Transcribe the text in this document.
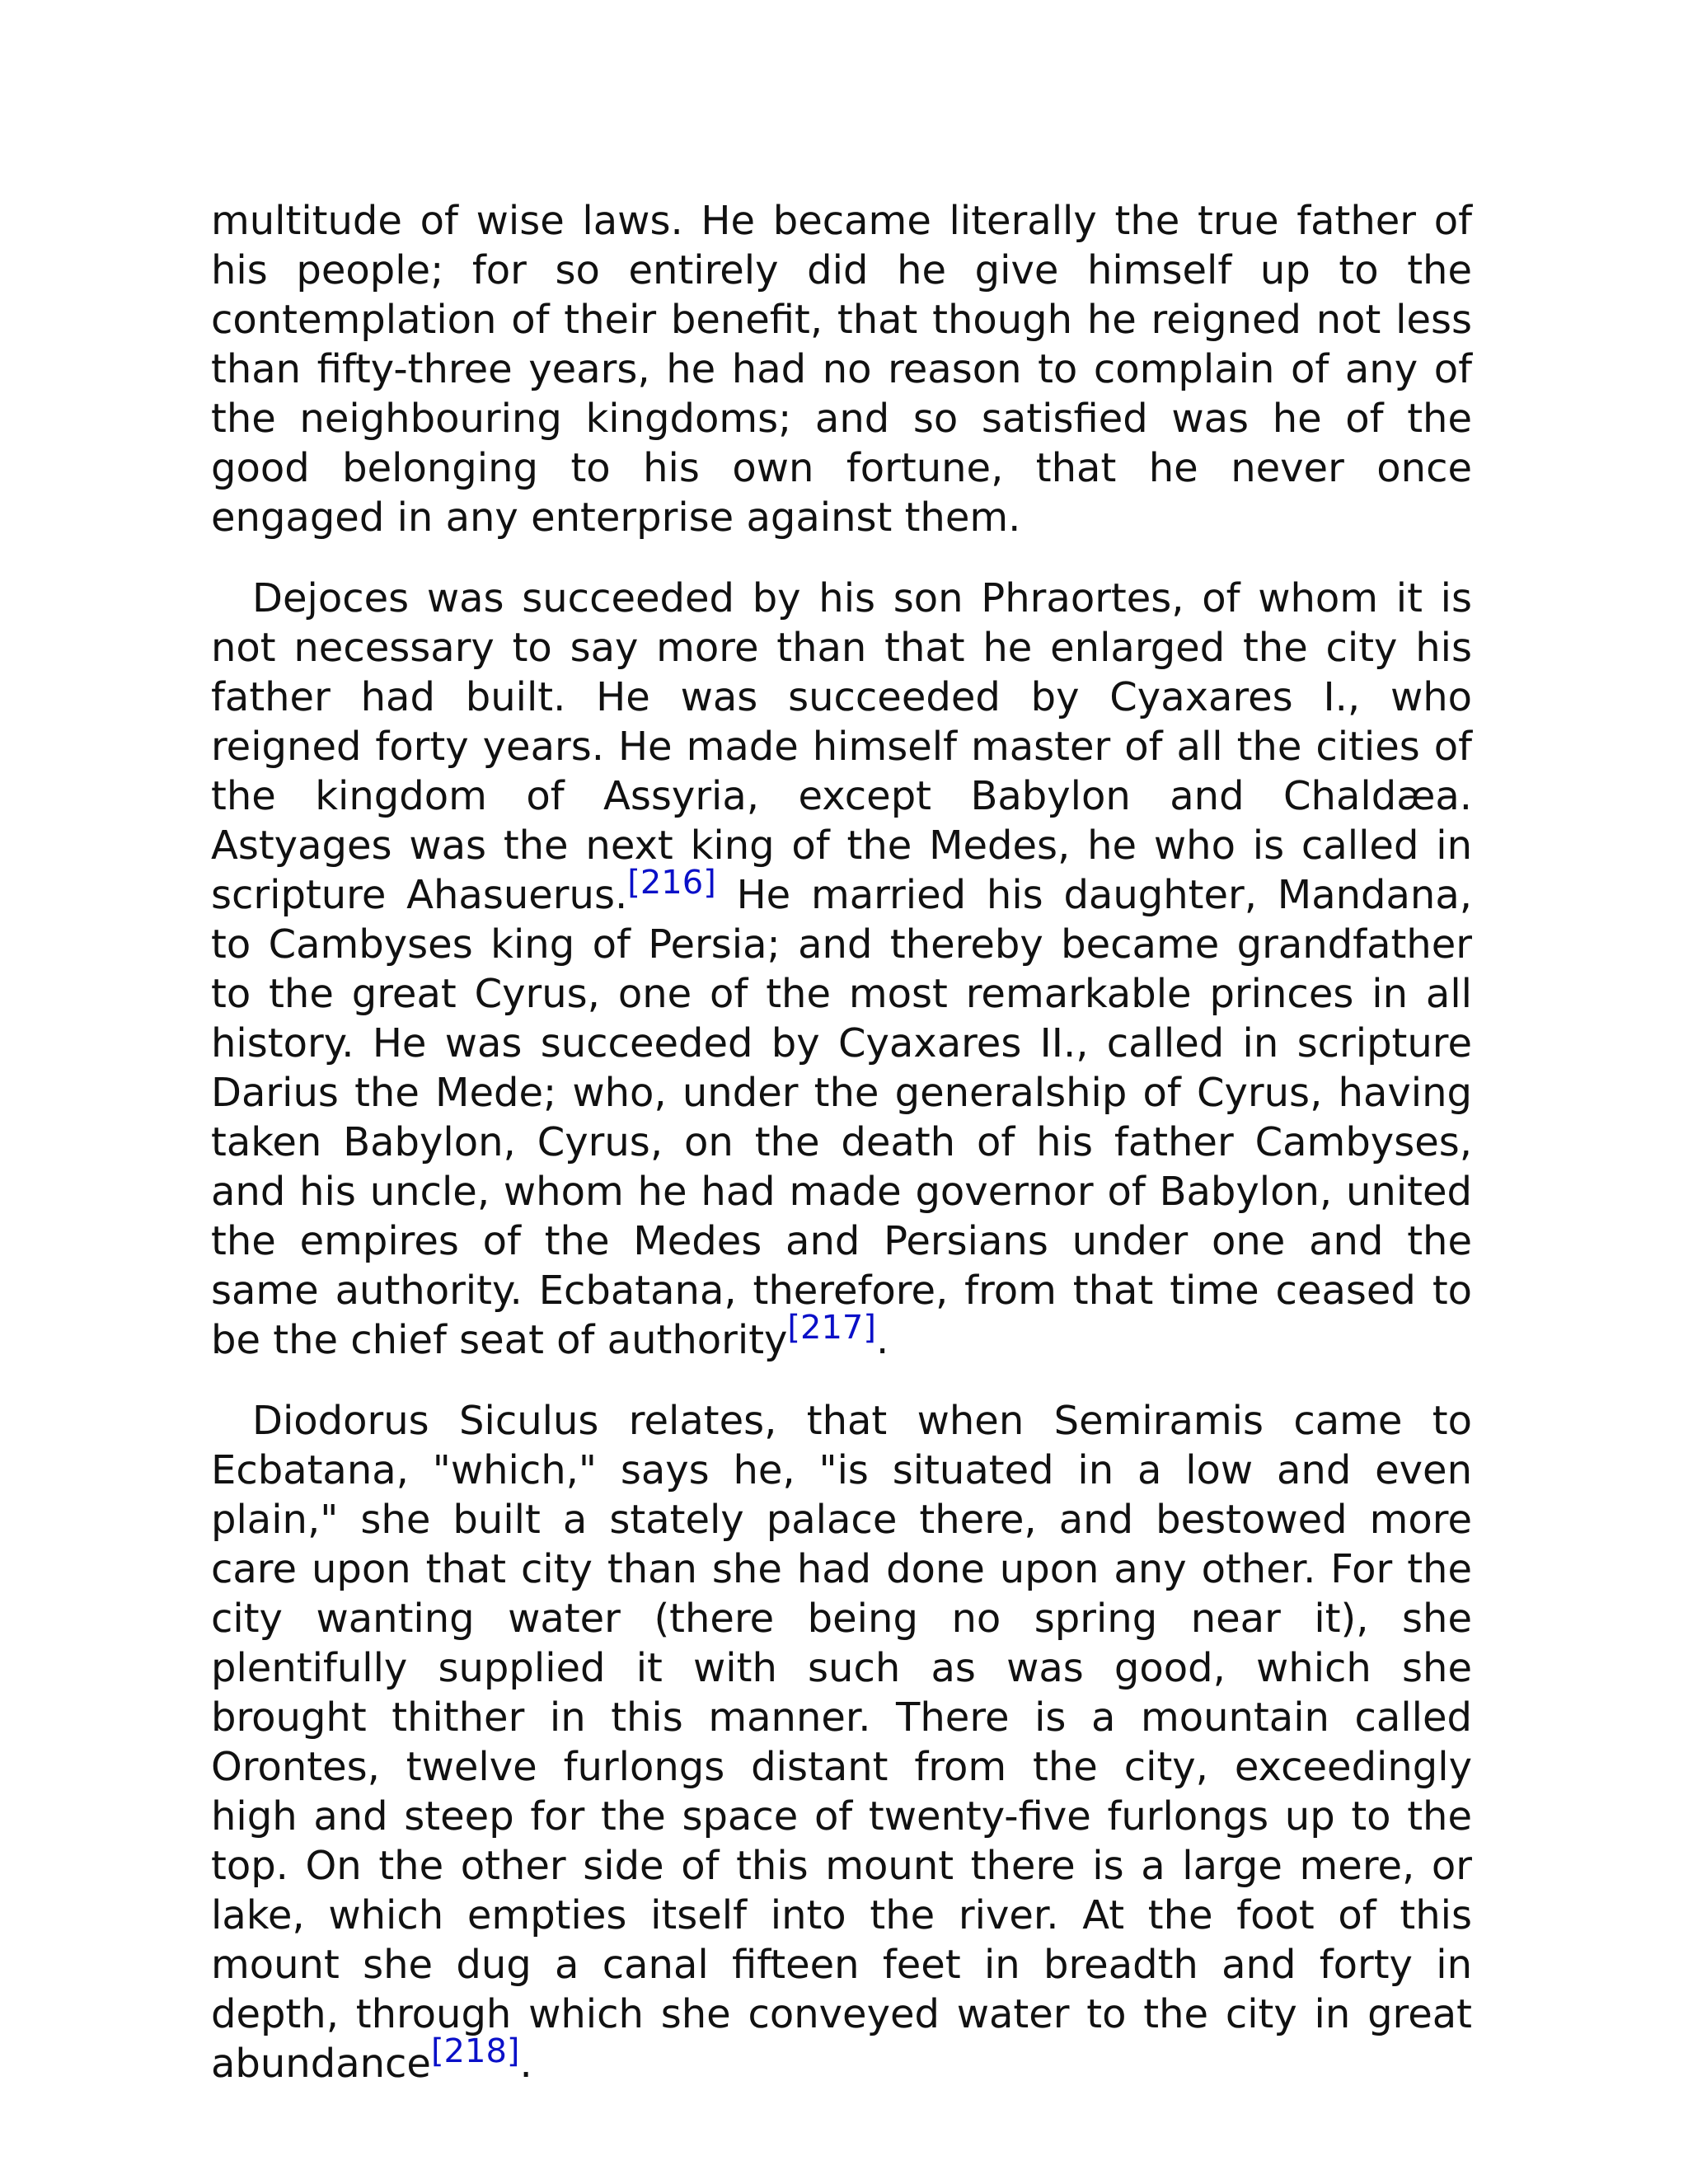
multitude of wise laws. He became literally the true father of his people; for so entirely did he give himself up to the contemplation of their benefit, that though he reigned not less than fifty-three years, he had no reason to complain of any of the neighbouring kingdoms; and so satisfied was he of the good belonging to his own fortune, that he never once engaged in any enterprise against them.

Dejoces was succeeded by his son Phraortes, of whom it is not necessary to say more than that he enlarged the city his father had built. He was succeeded by Cyaxares I., who reigned forty years. He made himself master of all the cities of the kingdom of Assyria, except Babylon and Chaldæa. Astyages was the next king of the Medes, he who is called in scripture Ahasuerus.[216] He married his daughter, Mandana, to Cambyses king of Persia; and thereby became grandfather to the great Cyrus, one of the most remarkable princes in all history. He was succeeded by Cyaxares II., called in scripture Darius the Mede; who, under the generalship of Cyrus, having taken Babylon, Cyrus, on the death of his father Cambyses, and his uncle, whom he had made governor of Babylon, united the empires of the Medes and Persians under one and the same authority. Ecbatana, therefore, from that time ceased to be the chief seat of authority[217].

Diodorus Siculus relates, that when Semiramis came to Ecbatana, "which," says he, "is situated in a low and even plain," she built a stately palace there, and bestowed more care upon that city than she had done upon any other. For the city wanting water (there being no spring near it), she plentifully supplied it with such as was good, which she brought thither in this manner. There is a mountain called Orontes, twelve furlongs distant from the city, exceedingly high and steep for the space of twenty-five furlongs up to the top. On the other side of this mount there is a large mere, or lake, which empties itself into the river. At the foot of this mount she dug a canal fifteen feet in breadth and forty in depth, through which she conveyed water to the city in great abundance[218].
